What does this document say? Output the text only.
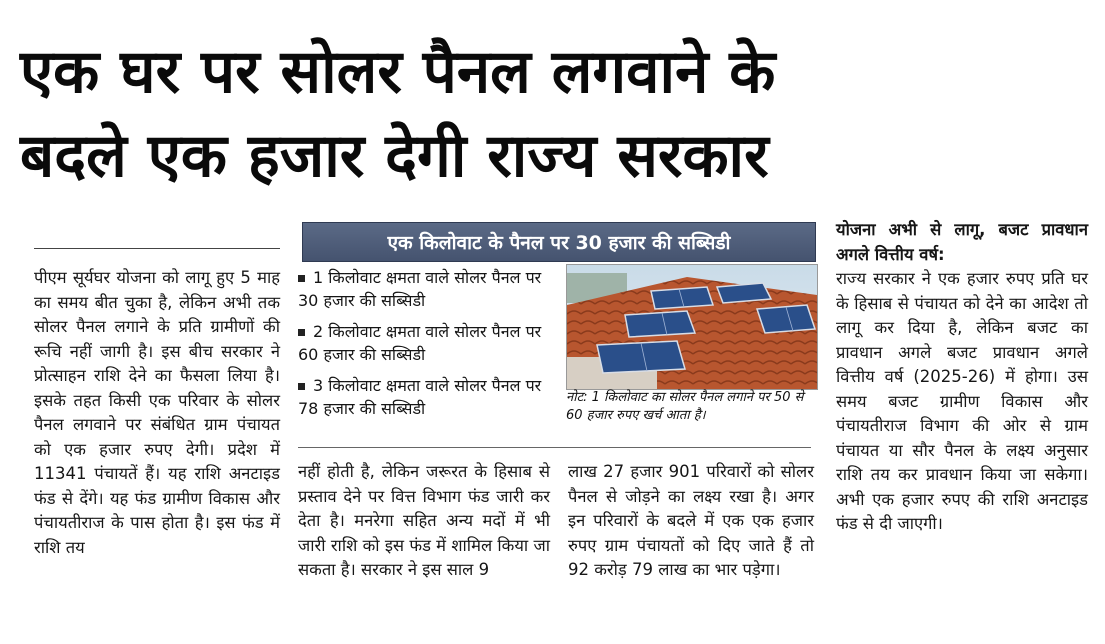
एक घर पर सोलर पैनल लगवाने के
बदले एक हजार देगी राज्य सरकार
पीएम सूर्यघर योजना को लागू हुए 5 माह का समय बीत चुका है, लेकिन अभी तक सोलर पैनल लगाने के प्रति ग्रामीणों की रूचि नहीं जागी है। इस बीच सरकार ने प्रोत्साहन राशि देने का फैसला लिया है। इसके तहत किसी एक परिवार के सोलर पैनल लगवाने पर संबंधित ग्राम पंचायत को एक हजार रुपए देगी। प्रदेश में 11341 पंचायतें हैं। यह राशि अनटाइड फंड से देंगे। यह फंड ग्रामीण विकास और पंचायतीराज के पास होता है। इस फंड में राशि तय
एक किलोवाट के पैनल पर 30 हजार की सब्सिडी
1 किलोवाट क्षमता वाले सोलर पैनल पर 30 हजार की सब्सिडी
2 किलोवाट क्षमता वाले सोलर पैनल पर 60 हजार की सब्सिडी
3 किलोवाट क्षमता वाले सोलर पैनल पर 78 हजार की सब्सिडी
नोट: 1 किलोवाट का सोलर पैनल लगाने पर 50 से 60 हजार रुपए खर्च आता है।
नहीं होती है, लेकिन जरूरत के हिसाब से प्रस्ताव देने पर वित्त विभाग फंड जारी कर देता है। मनरेगा सहित अन्य मदों में भी जारी राशि को इस फंड में शामिल किया जा सकता है। सरकार ने इस साल 9
लाख 27 हजार 901 परिवारों को सोलर पैनल से जोड़ने का लक्ष्य रखा है। अगर इन परिवारों के बदले में एक एक हजार रुपए ग्राम पंचायतों को दिए जाते हैं तो 92 करोड़ 79 लाख का भार पड़ेगा।
योजना अभी से लागू, बजट प्रावधान अगले वित्तीय वर्ष:
राज्य सरकार ने एक हजार रुपए प्रति घर के हिसाब से पंचायत को देने का आदेश तो लागू कर दिया है, लेकिन बजट का प्रावधान अगले बजट प्रावधान अगले वित्तीय वर्ष (2025-26) में होगा। उस समय बजट ग्रामीण विकास और पंचायतीराज विभाग की ओर से ग्राम पंचायत या सौर पैनल के लक्ष्य अनुसार राशि तय कर प्रावधान किया जा सकेगा। अभी एक हजार रुपए की राशि अनटाइड फंड से दी जाएगी।
